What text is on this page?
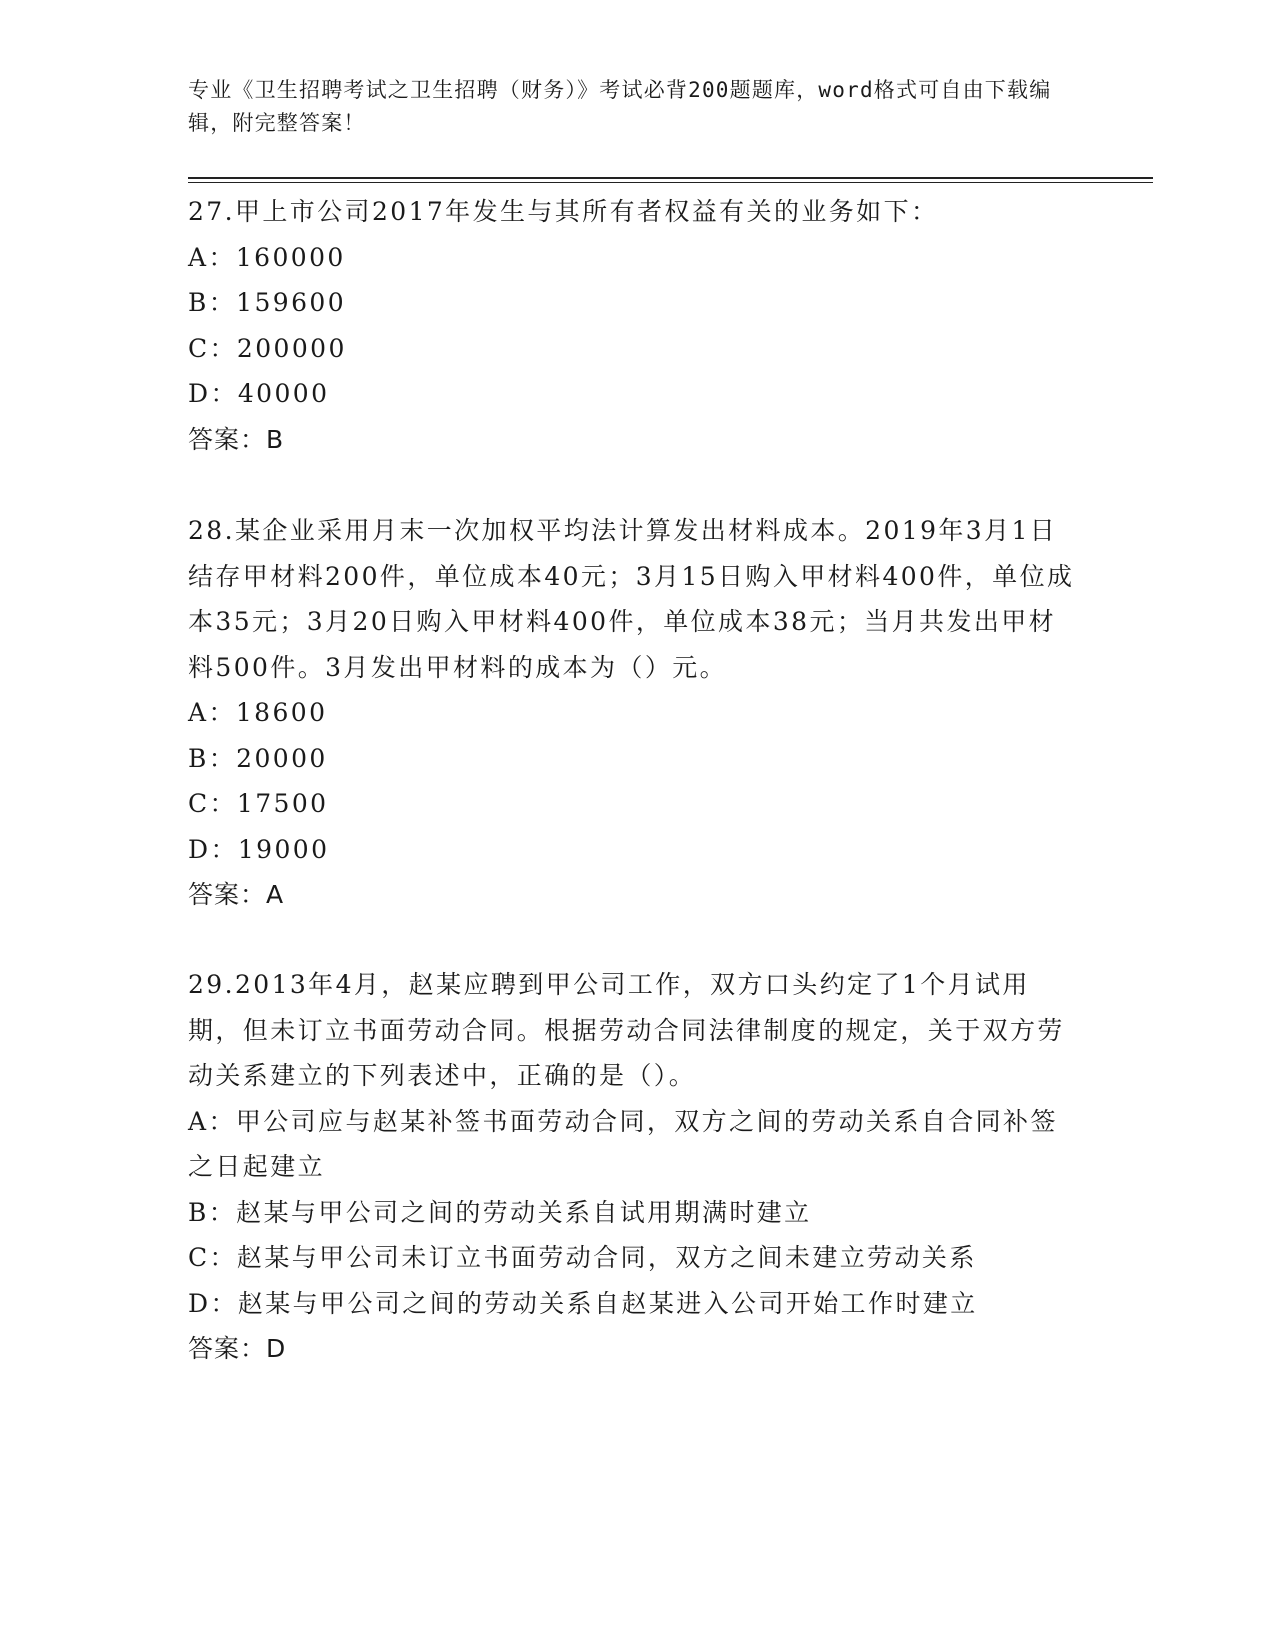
专业《卫生招聘考试之卫生招聘（财务）》考试必背200题题库，word格式可自由下载编辑，附完整答案！

27.甲上市公司2017年发生与其所有者权益有关的业务如下：

A：160000

B：159600

C：200000

D：40000

答案：B

28.某企业采用月末一次加权平均法计算发出材料成本。2019年3月1日结存甲材料200件，单位成本40元；3月15日购入甲材料400件，单位成本35元；3月20日购入甲材料400件，单位成本38元；当月共发出甲材料500件。3月发出甲材料的成本为（）元。

A：18600

B：20000

C：17500

D：19000

答案：A

29.2013年4月，赵某应聘到甲公司工作，双方口头约定了1个月试用期，但未订立书面劳动合同。根据劳动合同法律制度的规定，关于双方劳动关系建立的下列表述中，正确的是（）。

A：甲公司应与赵某补签书面劳动合同，双方之间的劳动关系自合同补签之日起建立

B：赵某与甲公司之间的劳动关系自试用期满时建立

C：赵某与甲公司未订立书面劳动合同，双方之间未建立劳动关系

D：赵某与甲公司之间的劳动关系自赵某进入公司开始工作时建立

答案：D
